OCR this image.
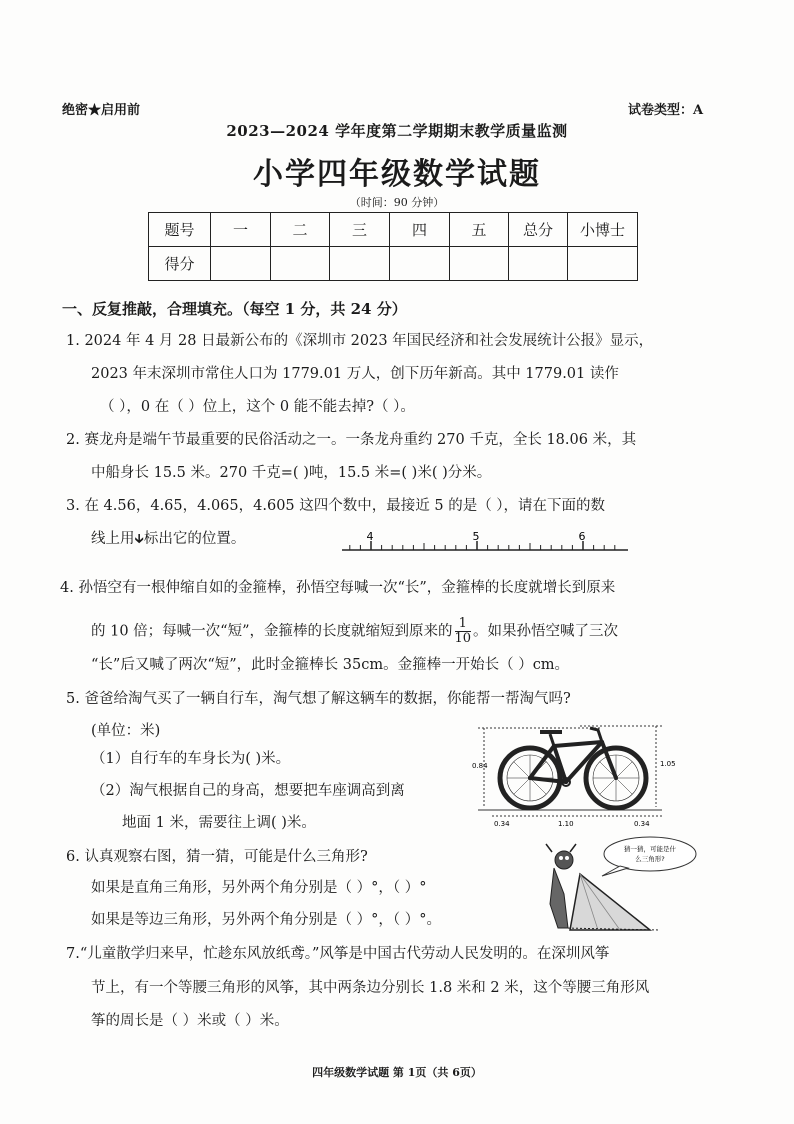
绝密★启用前	试卷类型：A
2023—2024 学年度第二学期期末教学质量监测
小学四年级数学试题
（时间：90 分钟）
题号	一	二	三	四	五	总分	小博士
得分							
一、反复推敲，合理填充。（每空 1 分，共 24 分）
1. 2024 年 4 月 28 日最新公布的《深圳市 2023 年国民经济和社会发展统计公报》显示，
2023 年末深圳市常住人口为 1779.01 万人，创下历年新高。其中 1779.01 读作
（ ），0 在（ ）位上，这个 0 能不能去掉?（ ）。
2. 赛龙舟是端午节最重要的民俗活动之一。一条龙舟重约 270 千克，全长 18.06 米，其
中船身长 15.5 米。270 千克=( )吨，15.5 米=( )米( )分米。
3. 在 4.56，4.65，4.065，4.605 这四个数中，最接近 5 的是（ ），请在下面的数
线上用🡳标出它的位置。	4	5	6
4. 孙悟空有一根伸缩自如的金箍棒，孙悟空每喊一次“长”，金箍棒的长度就增长到原来
的 10 倍；每喊一次“短”，金箍棒的长度就缩短到原来的 $\frac{1}{10}$ 。如果孙悟空喊了三次
“长”后又喊了两次“短”，此时金箍棒长 35cm。金箍棒一开始长（ ）cm。
5. 爸爸给淘气买了一辆自行车，淘气想了解这辆车的数据，你能帮一帮淘气吗?
(单位：米)
（1）自行车的车身长为( )米。
（2）淘气根据自己的身高，想要把车座调高到离
地面 1 米，需要往上调( )米。
0.84	1.05
0.34	1.10	0.34
6. 认真观察右图，猜一猜，可能是什么三角形?
如果是直角三角形，另外两个角分别是（ ）°，（ ）°
如果是等边三角形，另外两个角分别是（ ）°，（ ）°。
猜一猜，可能是什
么三角形?
7.“儿童散学归来早，忙趁东风放纸鸢。”风筝是中国古代劳动人民发明的。在深圳风筝
节上，有一个等腰三角形的风筝，其中两条边分别长 1.8 米和 2 米，这个等腰三角形风
筝的周长是（ ）米或（ ）米。
四年级数学试题 第 1页（共 6页）
